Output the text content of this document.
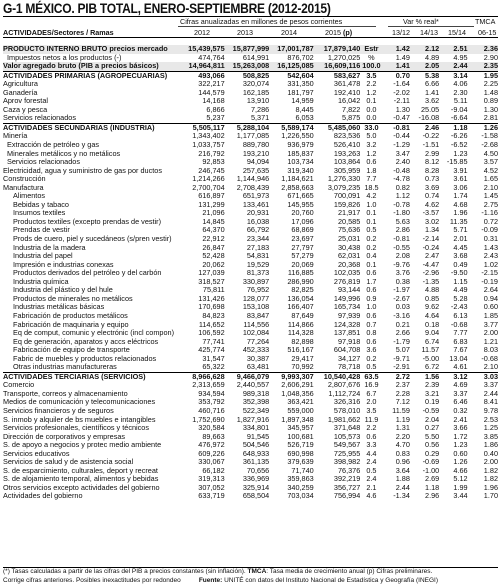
G-1 MÉXICO. PIB TOTAL, ENERO-SEPTIEMBRE (2012-2015)
Cifras anualizadas en millones de pesos corrientes	Var % real*	TMCA
ACTIVIDADES/Sectores / Ramas	2012	2013	2014	2015 (p)	13/12 14/13 15/14 06-15
PRODUCTO INTERNO BRUTO precios mercado	15,439,575	15,877,999	17,001,787	17,879,140	Estr	1.42	2.12	2.51	2.36
Impuestos netos a los productos (-)	474,764	614,991	876,702	1,270,025	%	1.49	4.89	4.95	2.90
Valor agregado bruto (PIB a precios básicos)	14,964,811	15,263,008	16,125,085	16,609,116	100.0	1.41	2.05	2.44	2.35
ACTIVIDADES PRIMARIAS (AGROPECUARIAS)	493,066	508,825	542,604	583,627	3.5	0.70	5.38	3.14	1.95
Agricultura	322,217	320,074	331,350	361,478	2.2	-1.64	6.66	4.06	2.25
Ganadería	144,579	162,185	181,797	192,410	1.2	-2.02	1.41	2.30	1.48
Aprov forestal	14,168	13,910	14,959	16,042	0.1	-2.11	3.62	5.11	0.89
Caza y pesca	6,866	7,286	8,445	7,822	0.0	1.30	25.05	-9.04	1.30
Servicios relacionados	5,237	5,371	6,053	5,875	0.0	-0.47	-16.08	-6.64	2.81
ACTIVIDADES SECUNDARIAS (INDUSTRIA)	5,505,117	5,288,104	5,589,174	5,485,060	33.0	-0.81	2.46	1.18	1.26
Minería	1,343,402	1,177,085	1,226,550	823,536	5.0	-0.44	-0.22	-6.26	-1.58
Extracción de petróleo y gas	1,033,757	889,780	936,979	526,410	3.2	-1.29	-1.51	-6.52	-2.68
Minerales metálicos y no metálicos	216,792	193,210	185,837	193,263	1.2	3.47	2.99	1.23	4.50
Servicios relacionados	92,853	94,094	103,734	103,864	0.6	2.40	8.12	-15.85	3.57
Electricidad, agua y suministro de gas por ductos	246,745	257,635	319,340	305,959	1.8	-0.48	8.28	3.91	4.52
Construcción	1,214,266	1,144,946	1,184,621	1,276,330	7.7	-4.78	0.73	3.61	1.65
Manufactura	2,700,704	2,708,439	2,858,663	3,079,235	18.5	0.82	3.69	3.06	2.10
Alimentos	616,897	651,973	671,665	700,091	4.2	1.12	0.74	1.74	1.45
Bebidas y tabaco	131,299	133,461	145,955	159,826	1.0	-0.78	4.62	4.68	2.75
Insumos textiles	21,096	20,931	20,760	21,917	0.1	-1.80	-3.57	1.96	-1.16
Productos textiles (excepto prendas de vestir)	14,845	16,038	17,096	20,585	0.1	5.63	3.02	11.35	0.72
Prendas de vestir	64,370	66,792	68,869	75,636	0.5	2.86	1.34	5.71	-0.09
Prods de cuero, piel y sucedáneos (s/pren vestir)	22,912	23,344	23,697	25,031	0.2	-0.81	-2.14	2.01	0.31
Industria de la madera	26,847	27,183	27,797	30,438	0.2	-0.55	-0.24	4.45	1.43
Industria del papel	52,428	54,831	57,279	62,031	0.4	2.08	2.47	3.68	2.43
Impresión e industrias conexas	20,062	19,529	20,069	20,368	0.1	-9.76	-4.47	0.49	1.02
Productos derivados del petróleo y del carbón	127,039	81,373	116,885	102,035	0.6	3.76	-2.96	-9.50	-2.15
Industria química	318,527	330,897	286,990	276,819	1.7	0.38	-1.35	1.15	-0.19
Industria del plástico y del hule	75,811	76,952	82,825	93,144	0.6	-1.97	4.88	4.49	2.64
Productos de minerales no metálicos	131,426	128,077	136,054	149,996	0.9	-2.67	0.85	5.28	0.94
Industrias metálicas básicas	170,698	153,108	166,407	165,734	1.0	0.03	9.62	-2.43	0.60
Fabricación de productos metálicos	84,823	83,847	87,649	97,939	0.6	-3.16	4.64	6.13	1.85
Fabricación de maquinaria y equipo	114,652	114,556	114,866	124,328	0.7	0.21	0.18	-0.68	3.77
Eq de comput, comunic y electrónic (incl compon)	106,592	102,084	114,328	137,851	0.8	2.66	9.04	7.77	2.00
Eq de generación, aparatos y accs eléctricos	77,741	77,264	82,898	97,918	0.6	-1.79	6.74	6.83	1.21
Fabricación de equipo de transporte	425,774	452,333	516,167	604,708	3.6	5.07	11.57	7.67	8.03
Fabric de muebles y productos relacionados	31,547	30,387	29,417	34,127	0.2	-9.71	-5.00	13.04	-0.68
Otras industrias manufactureras	65,322	63,481	70,992	78,718	0.5	-2.91	6.72	4.61	2.10
ACTIVIDADES TERCIARIAS (SERVICIOS)	8,966,628	9,466,079	9,993,307	10,540,428	63.5	2.72	1.56	3.12	3.03
Comercio	2,313,659	2,440,557	2,606,291	2,807,676	16.9	2.37	2.39	4.69	3.37
Transporte, correos y almacenamiento	934,594	989,318	1,048,356	1,112,724	6.7	2.28	3.21	3.37	2.44
Medios de comunicación y telecomunicaciones	353,792	352,398	363,421	326,316	2.0	7.12	0.19	6.46	8.41
Servicios financieros y de seguros	460,716	522,349	559,000	578,010	3.5	11.59	-0.59	0.32	9.78
S. inmob y alquiler de bs muebles e intangibles	1,752,690	1,827,916	1,897,348	1,981,662	11.9	1.19	2.04	2.41	2.53
Servicios profesionales, científicos y técnicos	320,584	334,801	345,957	371,648	2.2	1.31	0.27	3.66	1.25
Dirección de corporativos y empresas	89,663	91,545	100,681	105,573	0.6	2.20	5.50	1.72	3.85
S. de apoyo a negocios y protec medio ambiente	476,972	504,546	526,719	549,567	3.3	4.70	0.56	1.23	1.86
Servicios educativos	609,226	648,933	690,998	725,955	4.4	0.83	0.29	0.60	0.40
Servicios de salud y de asistencia social	330,067	361,135	379,639	398,982	2.4	0.96	-0.69	1.26	2.00
S. de esparcimiento, culturales, deport y recreat	66,182	70,656	71,740	76,376	0.5	3.64	-1.00	4.66	1.82
S. de alojamiento temporal, alimentos y bebidas	319,313	336,969	359,863	392,219	2.4	1.88	2.69	5.12	1.82
Otros servicios excepto actividades del gobierno	307,052	325,914	340,259	356,727	2.1	2.44	1.18	1.99	1.96
Actividades del gobierno	633,719	658,504	703,034	756,994	4.6	-1.34	2.96	3.44	1.70
(*) Tasas calculadas a partir de las cifras del PIB a precios constantes (sin inflación). TMCA: Tasa media de crecimiento anual (p) Cifras preliminares.
Corrige cifras anteriores. Posibles inexactitudes por redondeo	Fuente: UNITÉ con datos del Instituto Nacional de Estadística y Geografía (INEGI)
